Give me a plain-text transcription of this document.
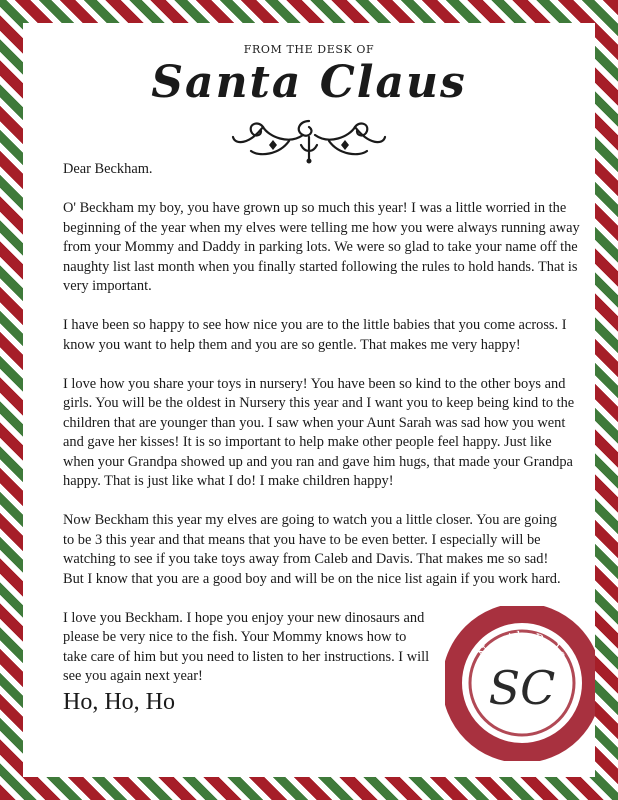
FROM THE DESK OF
Santa Claus

Dear Beckham.

O' Beckham my boy, you have grown up so much this year! I was a little worried in the beginning of the year when my elves were telling me how you were always running away from your Mommy and Daddy in parking lots. We were so glad to take your name off the naughty list last month when you finally started following the rules to hold hands. That is very important.

I have been so happy to see how nice you are to the little babies that you come across. I know you want to help them and you are so gentle. That makes me very happy!

I love how you share your toys in nursery! You have been so kind to the other boys and girls. You will be the oldest in Nursery this year and I want you to keep being kind to the children that are younger than you. I saw when your Aunt Sarah was sad how you went and gave her kisses! It is so important to help make other people feel happy. Just like when your Grandpa showed up and you ran and gave him hugs, that made your Grandpa happy. That is just like what I do! I make children happy!

Now Beckham this year my elves are going to watch you a little closer. You are going to be 3 this year and that means that you have to be even better. I especially will be watching to see if you take toys away from Caleb and Davis. That makes me so sad! But I know that you are a good boy and will be on the nice list again if you work hard.

I love you Beckham. I hope you enjoy your new dinosaurs and please be very nice to the fish. Your Mommy knows how to take care of him but you need to listen to her instructions. I will see you again next year!

Ho, Ho, Ho
North Pole
SC
